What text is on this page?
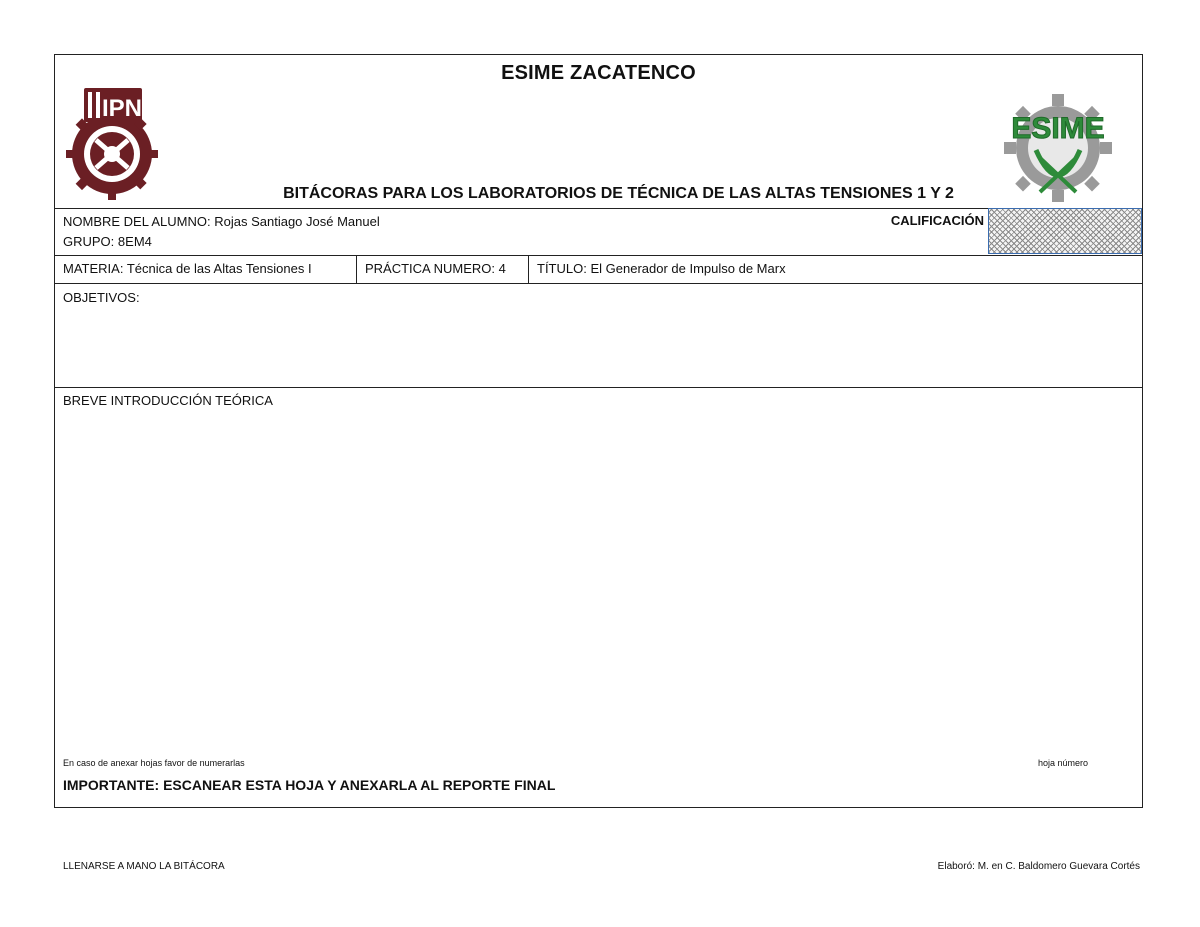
ESIME ZACATENCO
IPN
ESIME
BITÁCORAS PARA LOS LABORATORIOS DE TÉCNICA DE LAS ALTAS TENSIONES 1 Y 2
NOMBRE DEL ALUMNO: Rojas Santiago José Manuel
GRUPO: 8EM4
CALIFICACIÓN
MATERIA: Técnica de las Altas Tensiones I	PRÁCTICA NUMERO: 4 TÍTULO: El Generador de Impulso de Marx
OBJETIVOS:
BREVE INTRODUCCIÓN TEÓRICA
En caso de anexar hojas favor de numerarlas	hoja número
IMPORTANTE: ESCANEAR ESTA HOJA Y ANEXARLA AL REPORTE FINAL
LLENARSE A MANO LA BITÁCORA	Elaboró: M. en C. Baldomero Guevara Cortés
